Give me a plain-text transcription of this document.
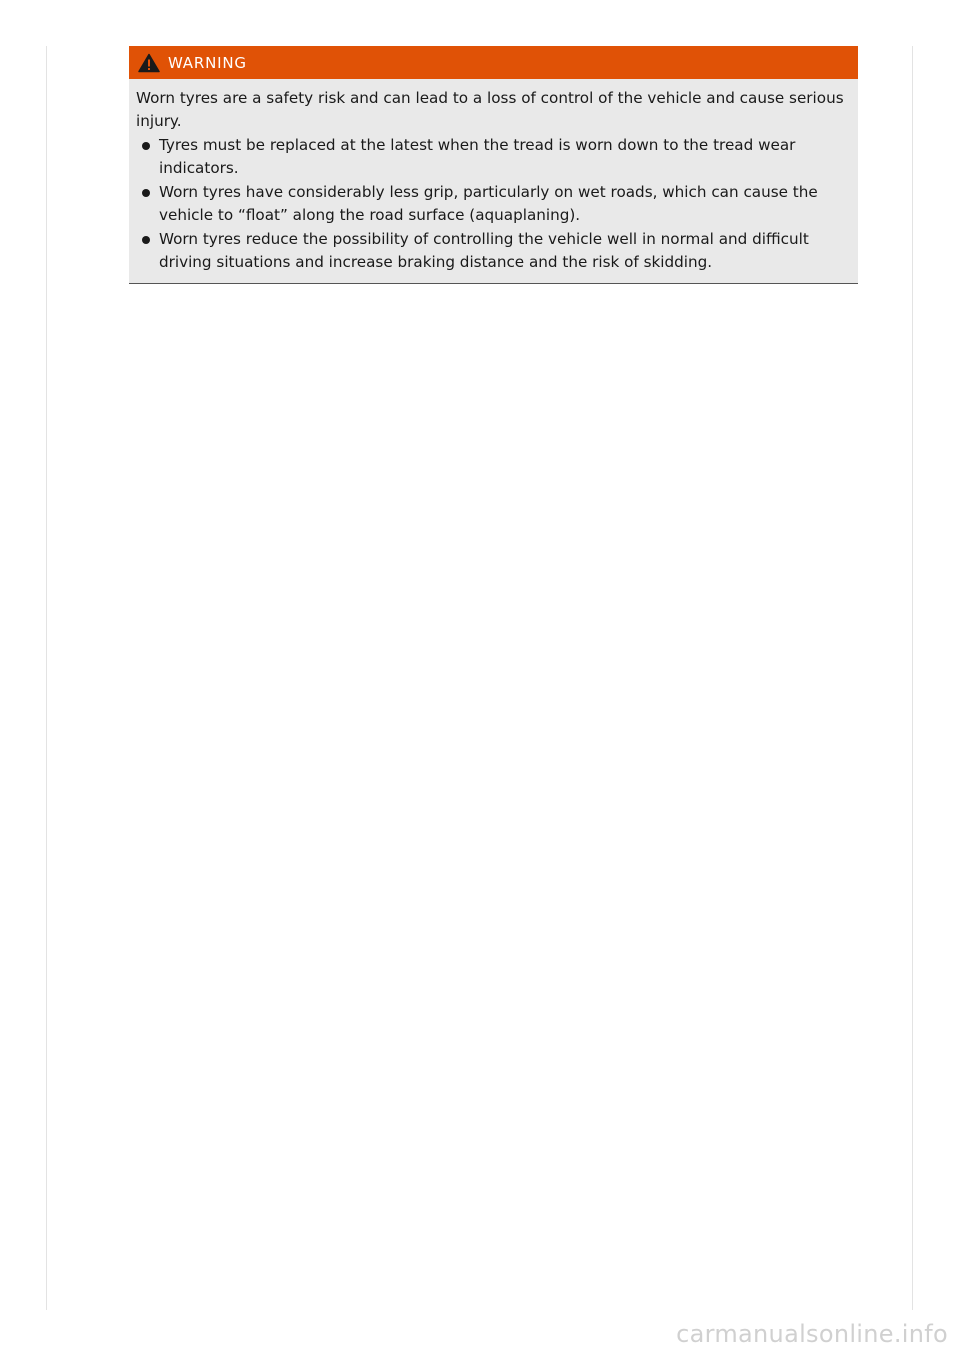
WARNING

Worn tyres are a safety risk and can lead to a loss of control of the vehicle and cause serious injury.

Tyres must be replaced at the latest when the tread is worn down to the tread wear indicators.
Worn tyres have considerably less grip, particularly on wet roads, which can cause the vehicle to “float” along the road surface (aquaplaning).
Worn tyres reduce the possibility of controlling the vehicle well in normal and difficult driving situations and increase braking distance and the risk of skidding.
carmanualsonline.info
